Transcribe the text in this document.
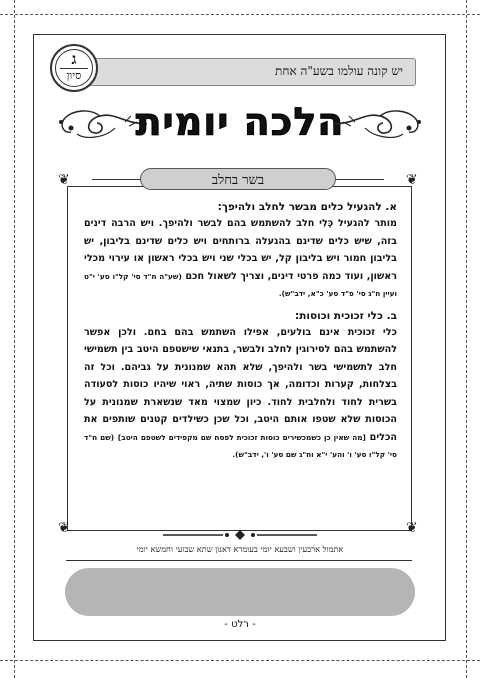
יש קונה עולמו בשע"ה אחת
ג
סיון
הלכה יומית
❦	❦
❦	❦
בשר בחלב

א. להגעיל כלים מבשר לחלב ולהיפך:

מותר להגעיל כְּלִי חלב להשתמש בהם לבשר ולהיפך. ויש הרבה דינים בזה, שיש כלים שדינם בהגעלה ברותחים ויש כלים שדינם בליבון, יש בליבון חמור ויש בליבון קל, יש בכלי שני ויש בכלי ראשון או עירוי מכלי ראשון, ועוד כמה פרטי דינים, וצריך לשאול חכם (שע"ה ח"ד סי' קל"ו סע' י"ט ועיין ח"ג סי' פ"ד סע' כ"א, ידב"ש).

ב. כלי זכוכית וכוסות:

כלי זכוכית אינם בולעים, אפילו השתמש בהם בחם. ולכן אפשר להשתמש בהם לסירוגין לחלב ולבשר, בתנאי שישטפם היטב בין תשמישי חלב לתשמישי בשר ולהיפך, שלא תהא שמנונית על גביהם. וכל זה בצלחות, קערות וכדומה, אך כוסות שתיה, ראוי שיהיו כוסות לסעודה בשרית לחוד ולחלבית לחוד. כיון שמצוי מאד שנשארת שמנונית על הכוסות שלא שטפו אותם היטב, וכל שכן כשילדים קטנים שותפים את הכלים [מה שאין כן כשמכשירים כוסות זכוכית לפסח שם מקפידים לשטפם היטב] (שם ח"ד סי' קל"ו סע' ו' והע' י"א וח"ג שם סע' ו', ידב"ש).

אתמול ארבעין ושבעא יומי בעומרא דאנון שתא שבועי וחמשא יומי
- רלט -
